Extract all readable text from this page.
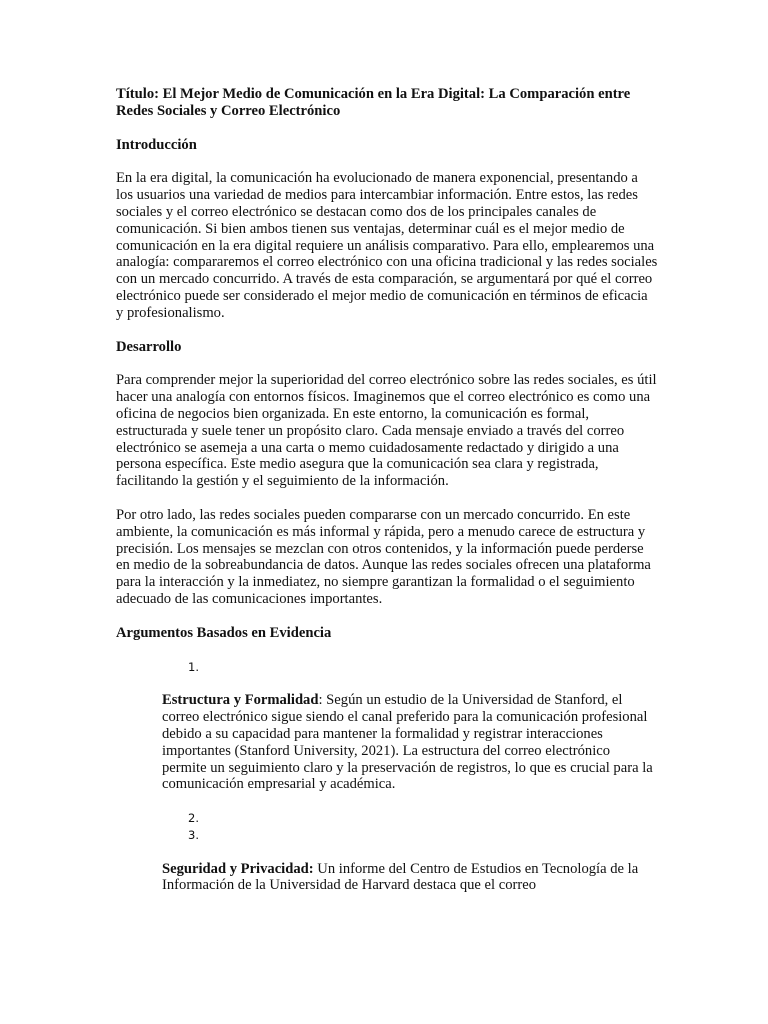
Título: El Mejor Medio de Comunicación en la Era Digital: La Comparación entre Redes Sociales y Correo Electrónico
Introducción
En la era digital, la comunicación ha evolucionado de manera exponencial, presentando a los usuarios una variedad de medios para intercambiar información. Entre estos, las redes sociales y el correo electrónico se destacan como dos de los principales canales de comunicación. Si bien ambos tienen sus ventajas, determinar cuál es el mejor medio de comunicación en la era digital requiere un análisis comparativo. Para ello, emplearemos una analogía: compararemos el correo electrónico con una oficina tradicional y las redes sociales con un mercado concurrido. A través de esta comparación, se argumentará por qué el correo electrónico puede ser considerado el mejor medio de comunicación en términos de eficacia y profesionalismo.
Desarrollo
Para comprender mejor la superioridad del correo electrónico sobre las redes sociales, es útil hacer una analogía con entornos físicos. Imaginemos que el correo electrónico es como una oficina de negocios bien organizada. En este entorno, la comunicación es formal, estructurada y suele tener un propósito claro. Cada mensaje enviado a través del correo electrónico se asemeja a una carta o memo cuidadosamente redactado y dirigido a una persona específica. Este medio asegura que la comunicación sea clara y registrada, facilitando la gestión y el seguimiento de la información.
Por otro lado, las redes sociales pueden compararse con un mercado concurrido. En este ambiente, la comunicación es más informal y rápida, pero a menudo carece de estructura y precisión. Los mensajes se mezclan con otros contenidos, y la información puede perderse en medio de la sobreabundancia de datos. Aunque las redes sociales ofrecen una plataforma para la interacción y la inmediatez, no siempre garantizan la formalidad o el seguimiento adecuado de las comunicaciones importantes.
Argumentos Basados en Evidencia
1.
Estructura y Formalidad: Según un estudio de la Universidad de Stanford, el correo electrónico sigue siendo el canal preferido para la comunicación profesional debido a su capacidad para mantener la formalidad y registrar interacciones importantes (Stanford University, 2021). La estructura del correo electrónico permite un seguimiento claro y la preservación de registros, lo que es crucial para la comunicación empresarial y académica.
2.
3.
Seguridad y Privacidad: Un informe del Centro de Estudios en Tecnología de la Información de la Universidad de Harvard destaca que el correo
